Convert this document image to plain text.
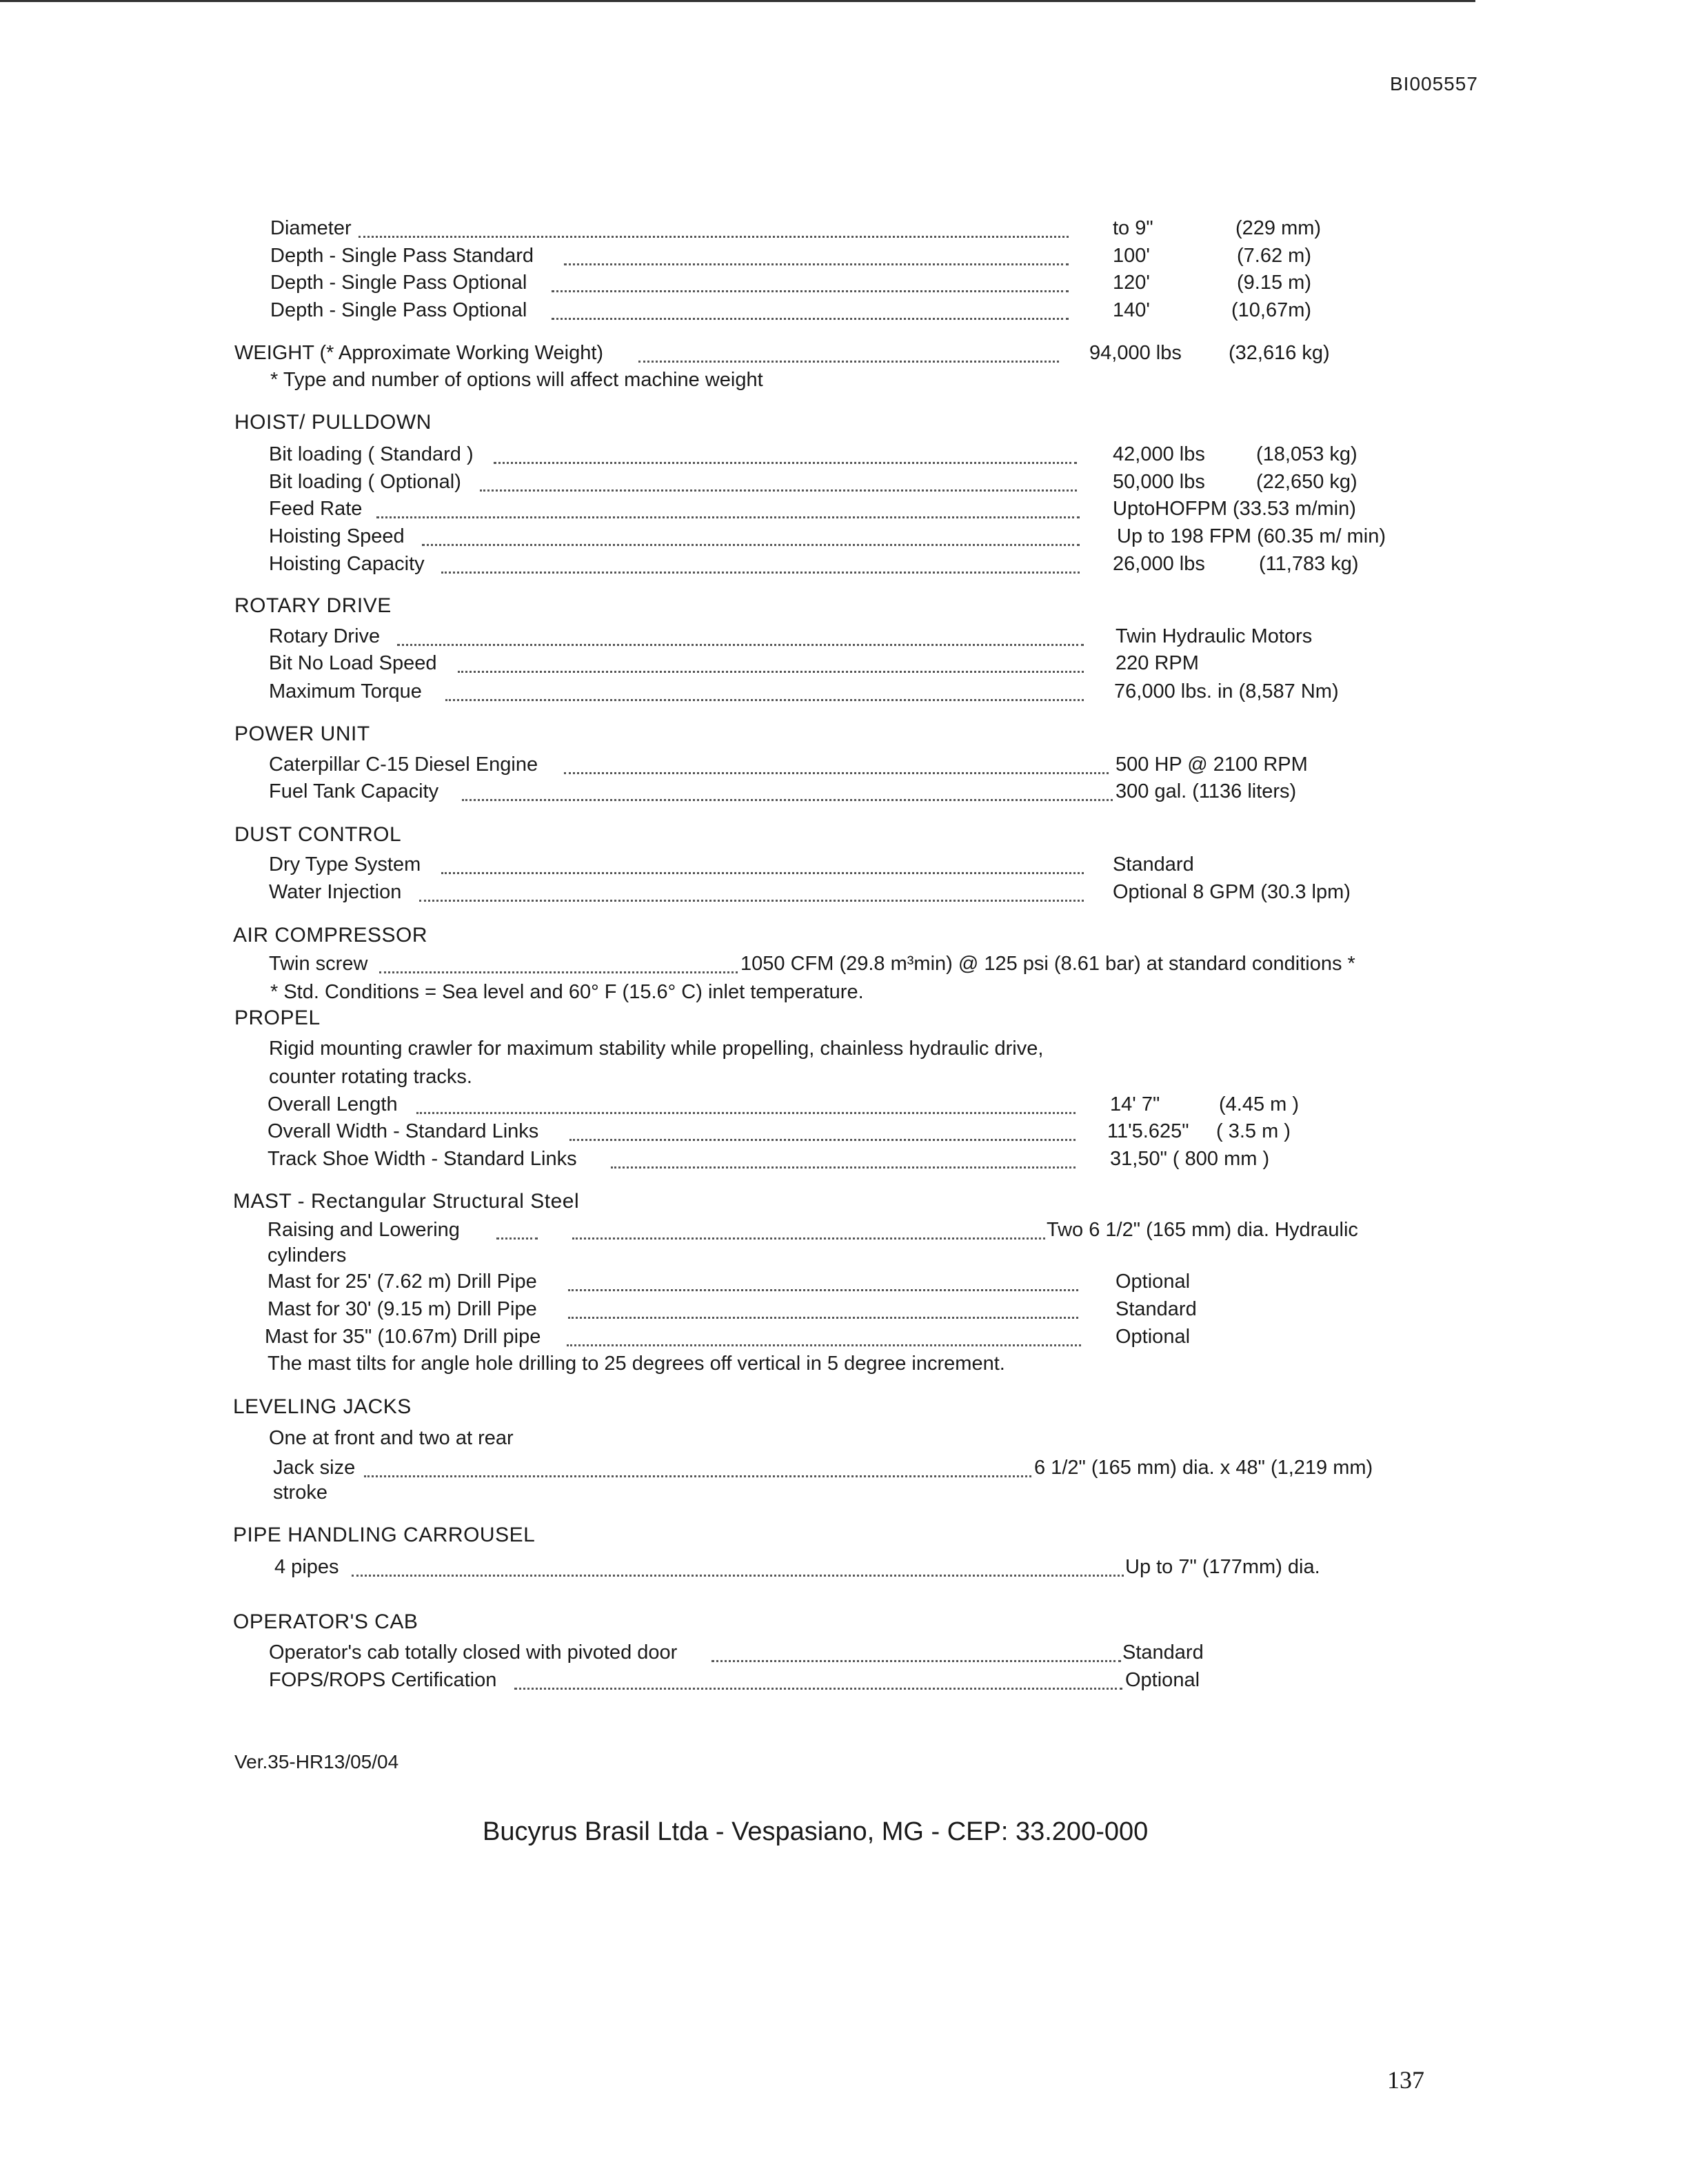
BI005557
Diameter	to 9"	(229 mm)
Depth - Single Pass Standard	100'	(7.62 m)
Depth - Single Pass Optional	120'	(9.15 m)
Depth - Single Pass Optional	140'	(10,67m)
WEIGHT (* Approximate Working Weight)	94,000 lbs (32,616 kg)
* Type and number of options will affect machine weight
HOIST/ PULLDOWN
Bit loading ( Standard )	42,000 lbs	(18,053 kg)
Bit loading ( Optional)	50,000 lbs	(22,650 kg)
Feed Rate	UptoHOFPM (33.53 m/min)
Hoisting Speed	Up to 198 FPM (60.35 m/ min)
Hoisting Capacity	26,000 lbs	(11,783 kg)
ROTARY DRIVE
Rotary Drive	Twin Hydraulic Motors
Bit No Load Speed	220 RPM
Maximum Torque	76,000 lbs. in (8,587 Nm)
POWER UNIT
Caterpillar C-15 Diesel Engine	500 HP @ 2100 RPM
Fuel Tank Capacity	300 gal. (1136 liters)
DUST CONTROL
Dry Type System	Standard
Water Injection	Optional 8 GPM (30.3 lpm)
AIR COMPRESSOR
Twin screw	1050 CFM (29.8 m³min) @ 125 psi (8.61 bar) at standard conditions *
* Std. Conditions = Sea level and 60° F (15.6° C) inlet temperature.
PROPEL
Rigid mounting crawler for maximum stability while propelling, chainless hydraulic drive,
counter rotating tracks.
Overall Length	14' 7"	(4.45 m )
Overall Width - Standard Links	11'5.625" ( 3.5 m )
Track Shoe Width - Standard Links	31,50" ( 800 mm )
MAST - Rectangular Structural Steel
Raising and Lowering	Two 6 1/2" (165 mm) dia. Hydraulic
cylinders
Mast for 25' (7.62 m) Drill Pipe	Optional
Mast for 30' (9.15 m) Drill Pipe	Standard
Mast for 35" (10.67m) Drill pipe	Optional
The mast tilts for angle hole drilling to 25 degrees off vertical in 5 degree increment.
LEVELING JACKS
One at front and two at rear
Jack size	6 1/2" (165 mm) dia. x 48" (1,219 mm)
stroke
PIPE HANDLING CARROUSEL
4 pipes	Up to 7" (177mm) dia.
OPERATOR'S CAB
Operator's cab totally closed with pivoted door	Standard
FOPS/ROPS Certification	Optional
Ver.35-HR13/05/04
Bucyrus Brasil Ltda - Vespasiano, MG - CEP: 33.200-000
137
